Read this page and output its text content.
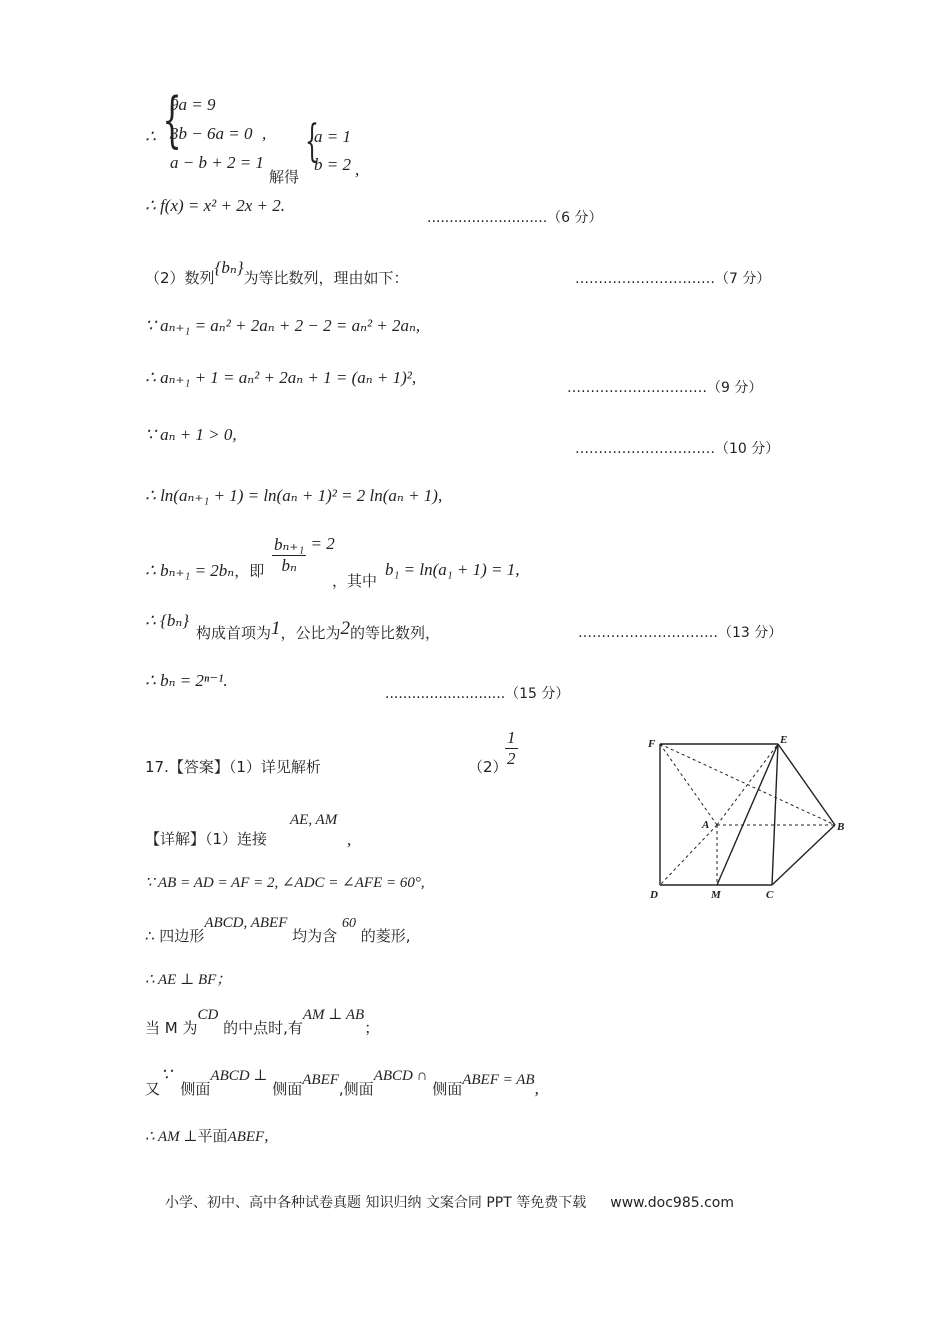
∴ {
9a = 9
3b − 6a = 0 ,
a − b + 2 = 1
解得
{
a = 1
b = 2 ,
∴ f(x) = x² + 2x + 2.
...........................（6 分）
（2）数列{bₙ}为等比数列，理由如下：	…………………………（7 分）
∵ aₙ₊₁ = aₙ² + 2aₙ + 2 − 2 = aₙ² + 2aₙ,
∴ aₙ₊₁ + 1 = aₙ² + 2aₙ + 1 = (aₙ + 1)²,
…………………………（9 分）
∵ aₙ + 1 > 0,
…………………………（10 分）
∴ ln(aₙ₊₁ + 1) = ln(aₙ + 1)² = 2 ln(aₙ + 1),
∴ bₙ₊₁ = 2bₙ，即 $\frac{\text{bₙ₊₁}}{\text{bₙ}} = 2$
，其中
b₁ = ln(a₁ + 1) = 1,
∴ {bₙ}
构成首项为1，公比为2的等比数列，	…………………………（13 分）
∴ bₙ = 2ⁿ⁻¹.
...........................（15 分）
17.【答案】（1）详见解析	（2）
$\frac{1}{2}$
【详解】（1）连接
AE, AM
,
∵ AB = AD = AF = 2, ∠ADC = ∠AFE = 60°,
∴ 四边形ABCD, ABEF 均为含 60 的菱形,
∴ AE ⊥ BF；
当 M 为CD 的中点时,有AM ⊥ AB；
又 ∵ 侧面ABCD ⊥ 侧面ABEF,侧面ABCD ∩ 侧面ABEF = AB,
∴ AM ⊥平面ABEF,
F	E
A	B
D	M	C
小学、初中、高中各种试卷真题 知识归纳 文案合同 PPT 等免费下载 www.doc985.com
